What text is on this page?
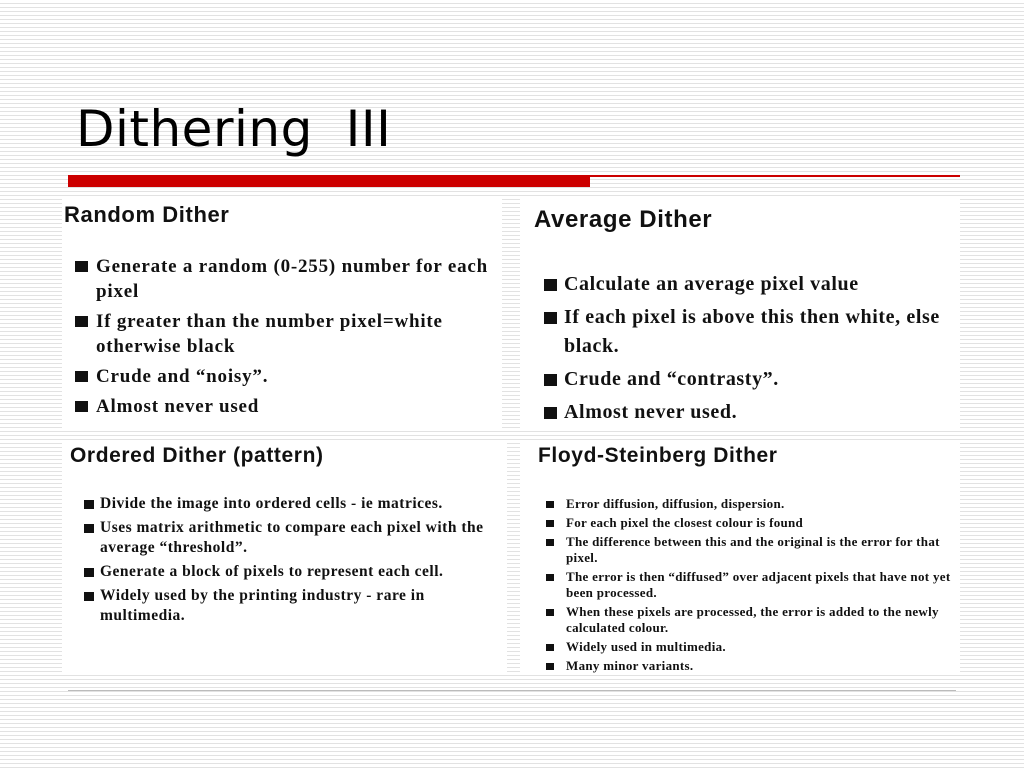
Dithering  III
Random Dither
Generate a random (0-255) number for each pixel
If greater than the number pixel=white otherwise black
Crude and “noisy”.
Almost never used
Average Dither
Calculate an average pixel value
If each pixel is above this then white, else black.
Crude and “contrasty”.
Almost never used.
Ordered Dither (pattern)
Divide the image into ordered cells - ie matrices.
Uses matrix arithmetic to compare each pixel with the average “threshold”.
Generate a block of pixels to represent each cell.
Widely used by the printing industry - rare in multimedia.
Floyd-Steinberg Dither
Error diffusion, diffusion, dispersion.
For each pixel the closest colour is found
The difference between this and the original is the error for that pixel.
The error is then “diffused” over adjacent pixels that have not yet been processed.
When these pixels are processed, the error is added to the newly calculated colour.
Widely used in multimedia.
Many minor variants.
